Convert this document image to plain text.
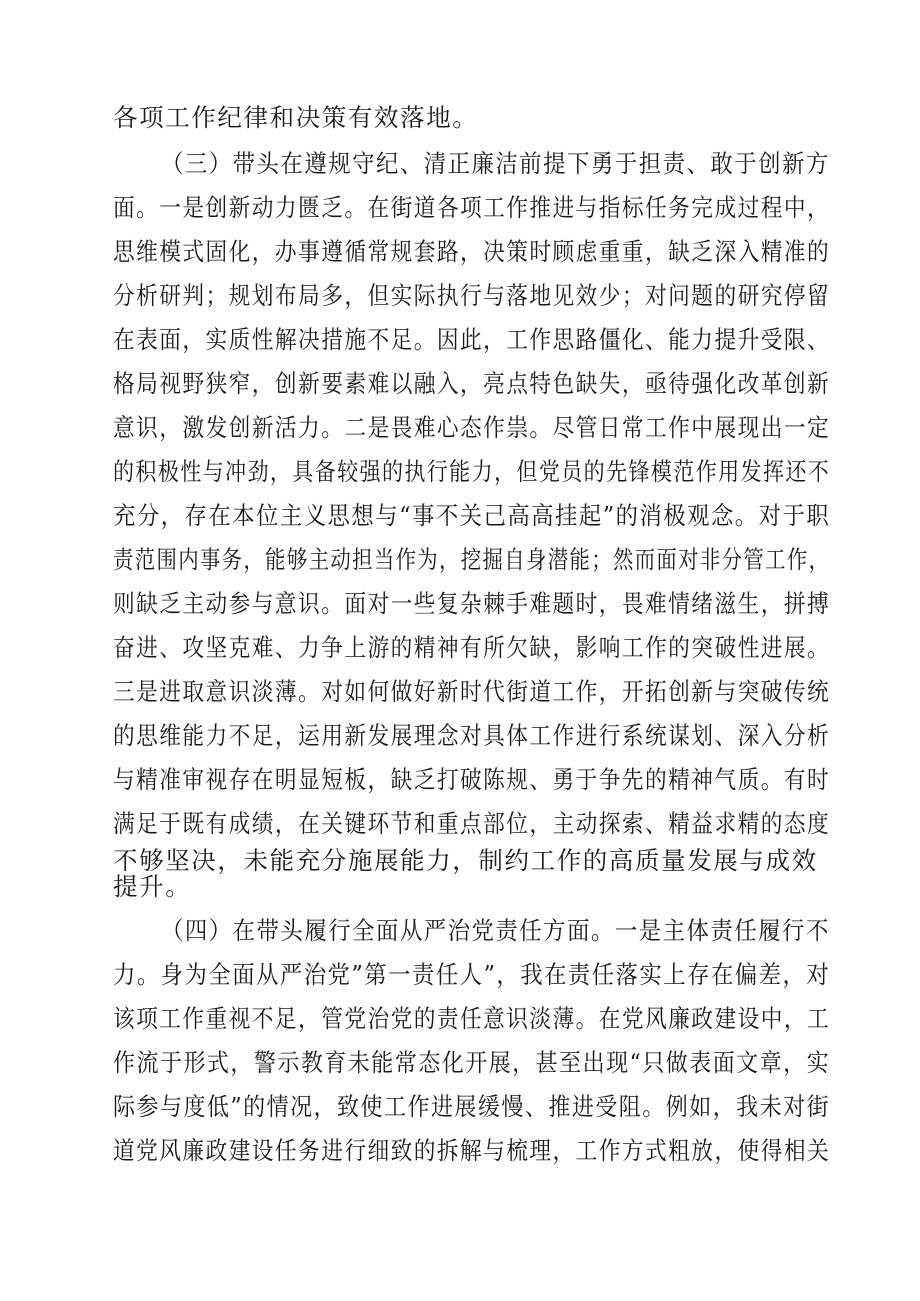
各项工作纪律和决策有效落地。
（三）带头在遵规守纪、清正廉洁前提下勇于担责、敢于创新方
面。一是创新动力匮乏。在街道各项工作推进与指标任务完成过程中，
思维模式固化，办事遵循常规套路，决策时顾虑重重，缺乏深入精准的
分析研判；规划布局多，但实际执行与落地见效少；对问题的研究停留
在表面，实质性解决措施不足。因此，工作思路僵化、能力提升受限、
格局视野狭窄，创新要素难以融入，亮点特色缺失，亟待强化改革创新
意识，激发创新活力。二是畏难心态作祟。尽管日常工作中展现出一定
的积极性与冲劲，具备较强的执行能力，但党员的先锋模范作用发挥还不
充分，存在本位主义思想与“事不关己高高挂起”的消极观念。对于职
责范围内事务，能够主动担当作为，挖掘自身潜能；然而面对非分管工作，
则缺乏主动参与意识。面对一些复杂棘手难题时，畏难情绪滋生，拼搏
奋进、攻坚克难、力争上游的精神有所欠缺，影响工作的突破性进展。
三是进取意识淡薄。对如何做好新时代街道工作，开拓创新与突破传统
的思维能力不足，运用新发展理念对具体工作进行系统谋划、深入分析
与精准审视存在明显短板，缺乏打破陈规、勇于争先的精神气质。有时
满足于既有成绩，在关键环节和重点部位，主动探索、精益求精的态度
不够坚决，未能充分施展能力，制约工作的高质量发展与成效
提升。
（四）在带头履行全面从严治党责任方面。一是主体责任履行不
力。身为全面从严治党”第一责任人”，我在责任落实上存在偏差，对
该项工作重视不足，管党治党的责任意识淡薄。在党风廉政建设中，工
作流于形式，警示教育未能常态化开展，甚至出现“只做表面文章，实
际参与度低”的情况，致使工作进展缓慢、推进受阻。例如，我未对街
道党风廉政建设任务进行细致的拆解与梳理，工作方式粗放，使得相关
